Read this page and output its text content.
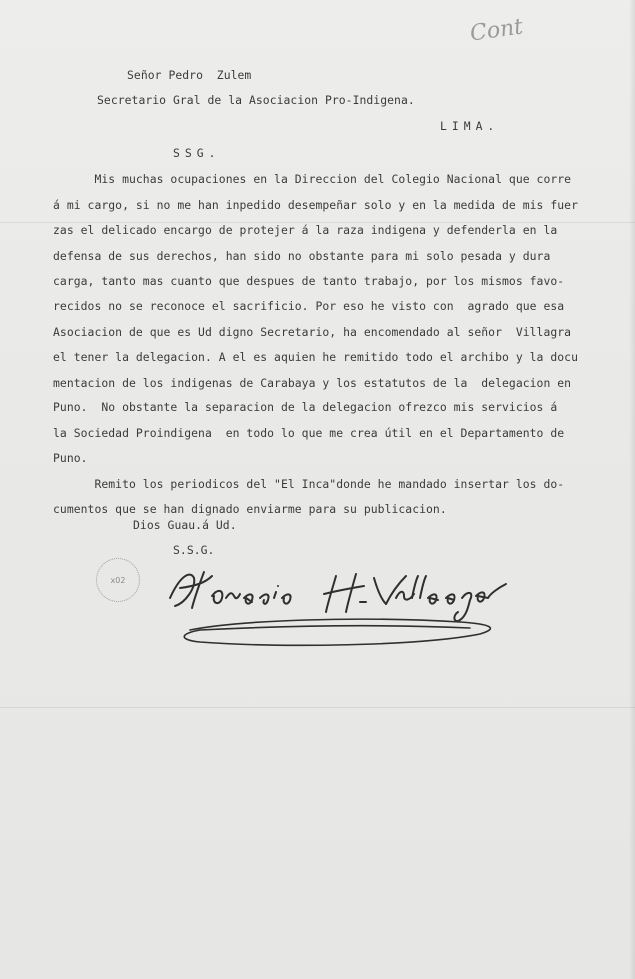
Cont
Señor Pedro  Zulem
Secretario Gral de la Asociacion Pro-Indigena.
LIMA.
SSG.
Mis muchas ocupaciones en la Direccion del Colegio Nacional que corre
á mi cargo, si no me han inpedido desempeñar solo y en la medida de mis fuer
zas el delicado encargo de protejer á la raza indigena y defenderla en la
defensa de sus derechos, han sido no obstante para mi solo pesada y dura
carga, tanto mas cuanto que despues de tanto trabajo, por los mismos favo-
recidos no se reconoce el sacrificio. Por eso he visto con  agrado que esa
Asociacion de que es Ud digno Secretario, ha encomendado al señor  Villagra
el tener la delegacion. A el es aquien he remitido todo el archibo y la docu
mentacion de los indigenas de Carabaya y los estatutos de la  delegacion en
Puno.  No obstante la separacion de la delegacion ofrezco mis servicios á
la Sociedad Proindigena  en todo lo que me crea útil en el Departamento de
Puno.
Remito los periodicos del "El Inca"donde he mandado insertar los do-
cumentos que se han dignado enviarme para su publicacion.
Dios Guau.á Ud.
S.S.G.
x02
